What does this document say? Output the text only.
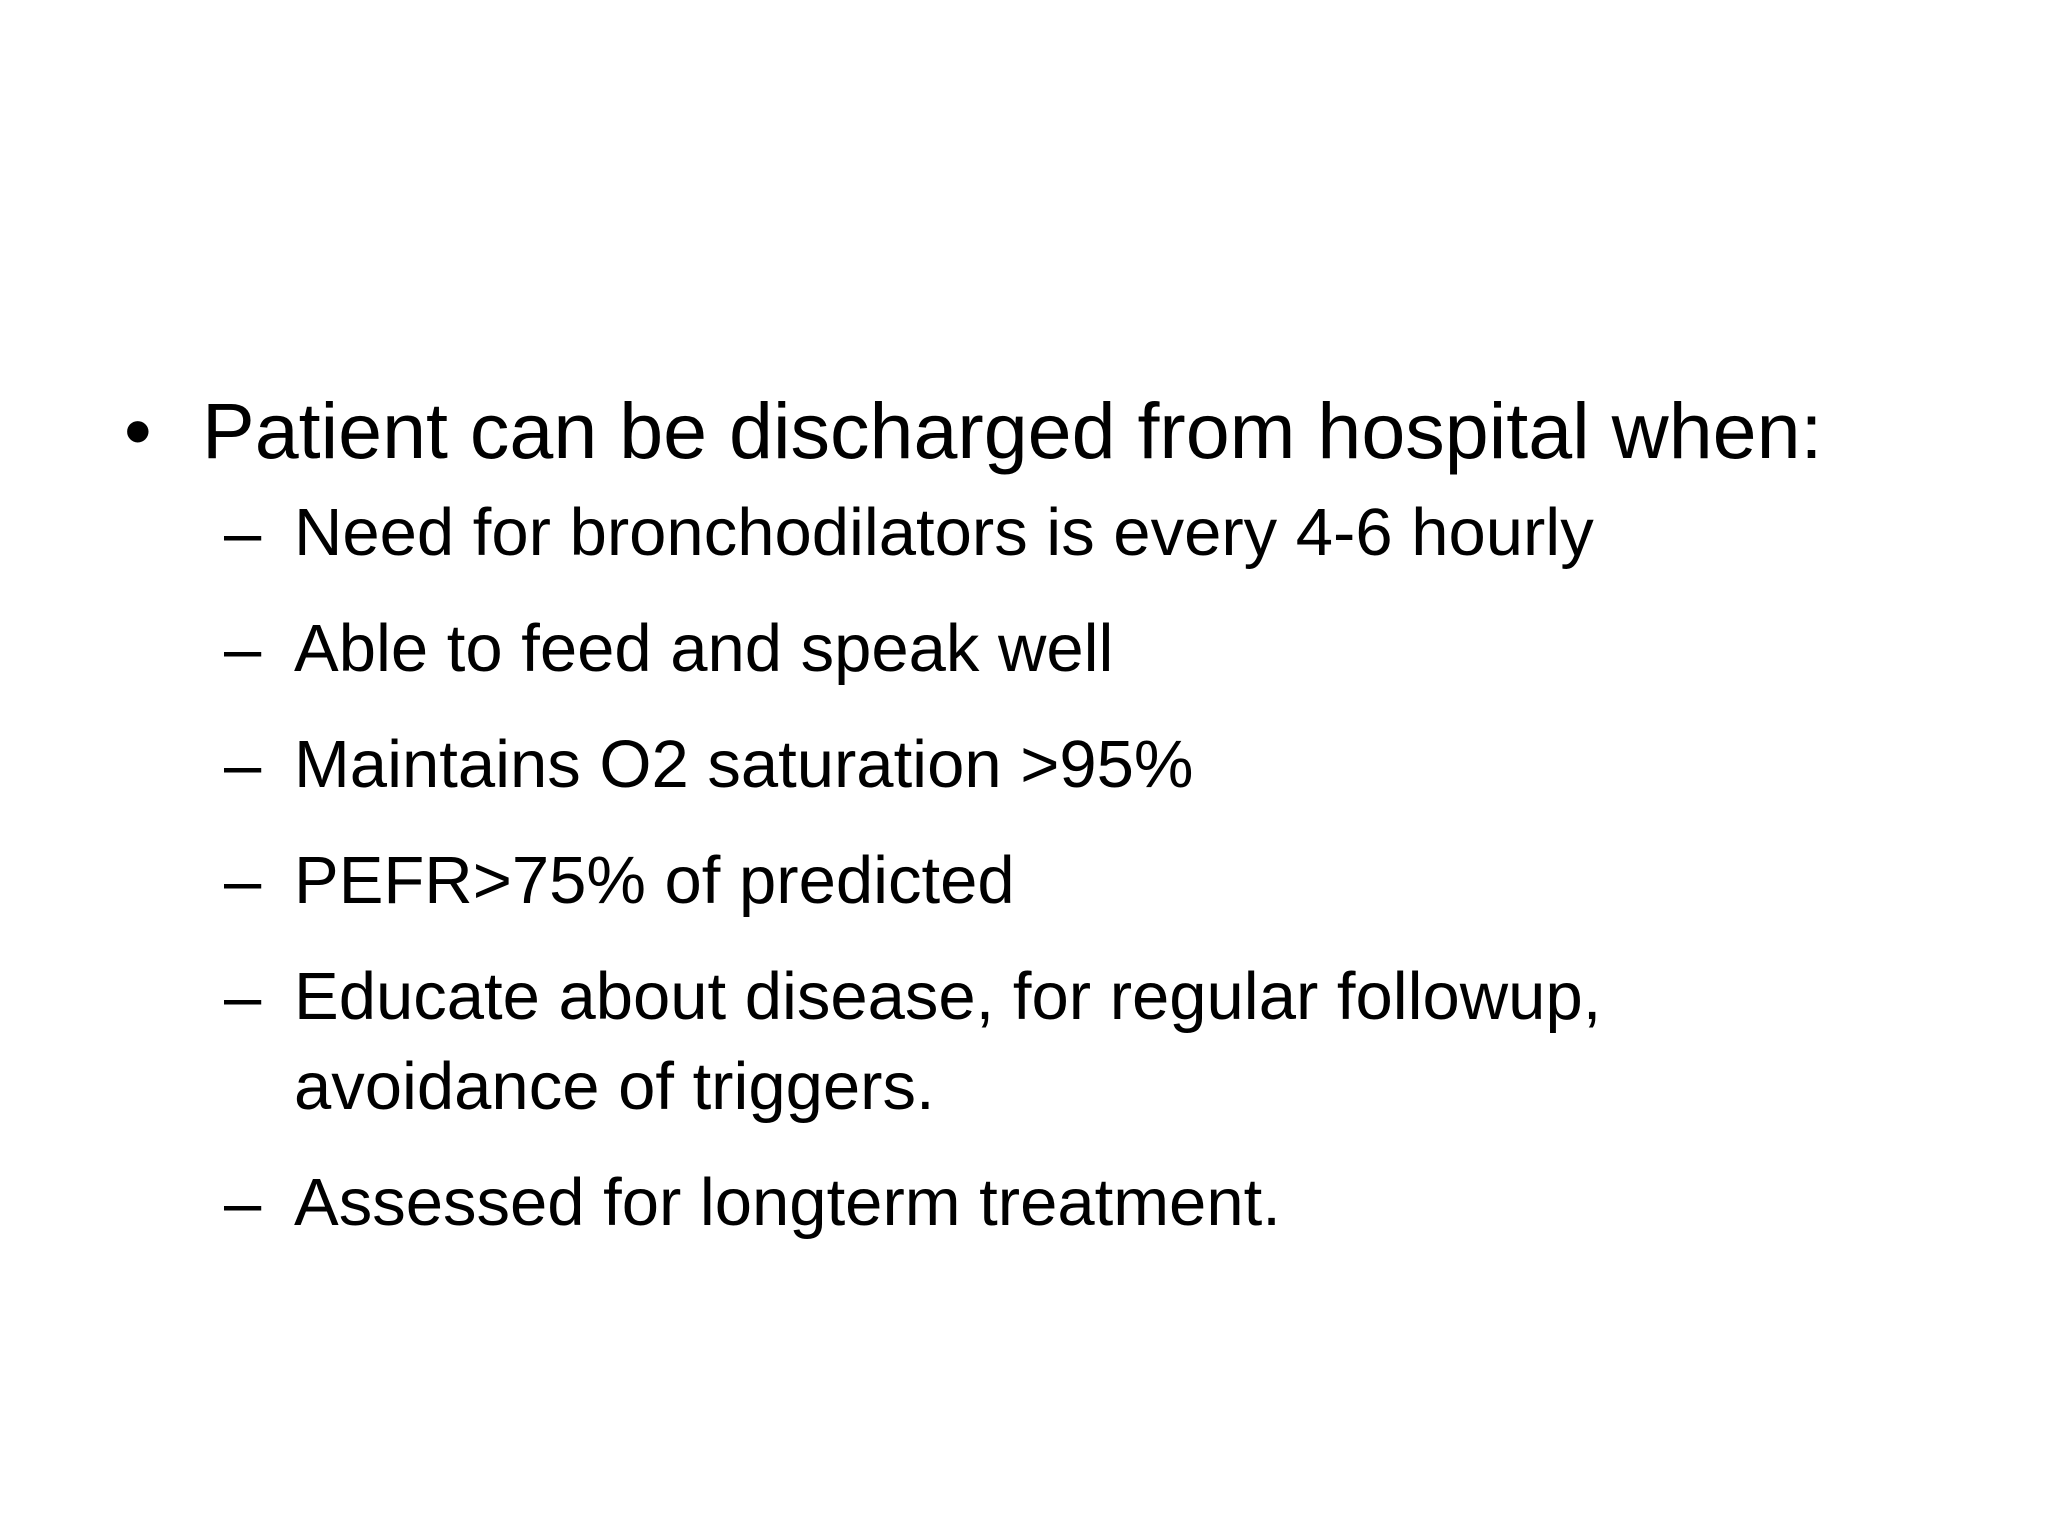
• Patient can be discharged from hospital when:
– Need for bronchodilators is every 4-6 hourly
– Able to feed and speak well
– Maintains O2 saturation >95%
– PEFR>75% of predicted
– Educate about disease, for regular followup, avoidance of triggers.
– Assessed for longterm treatment.
